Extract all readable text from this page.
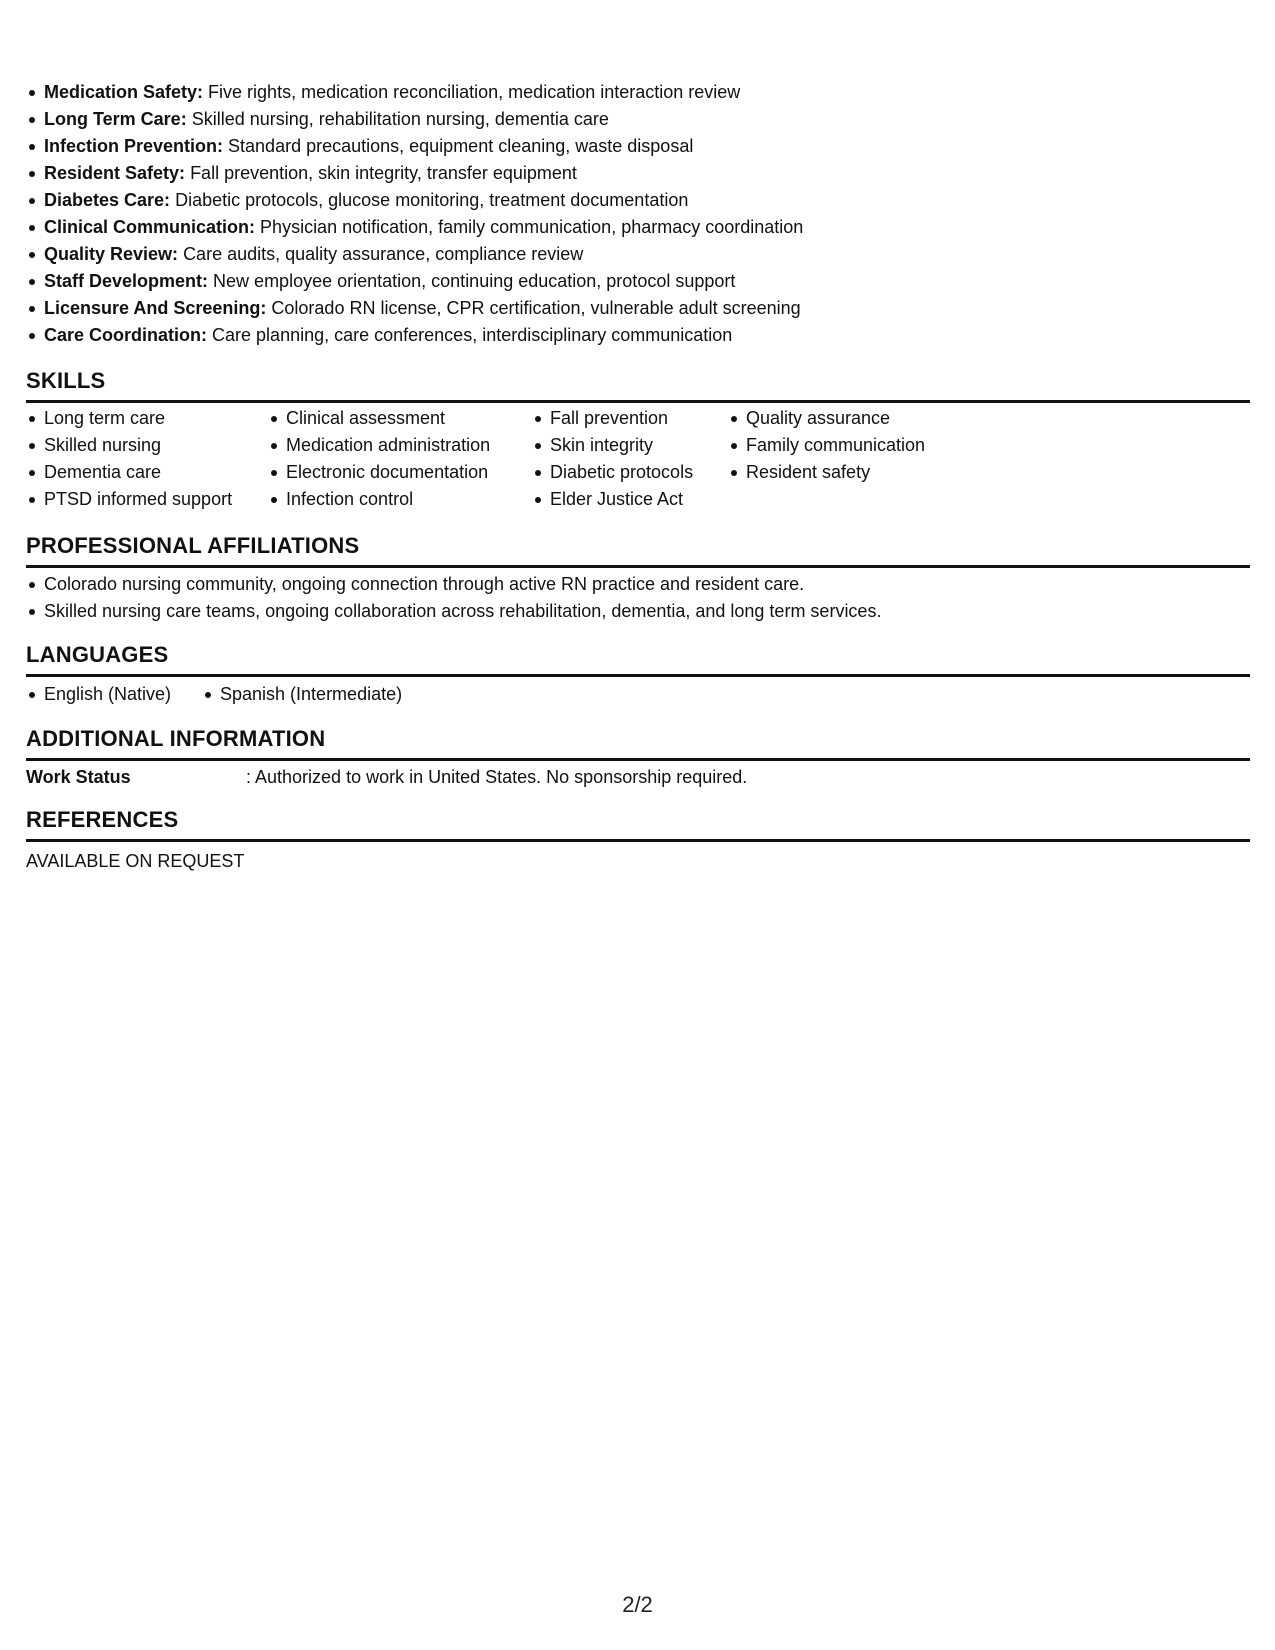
Medication Safety: Five rights, medication reconciliation, medication interaction review
Long Term Care: Skilled nursing, rehabilitation nursing, dementia care
Infection Prevention: Standard precautions, equipment cleaning, waste disposal
Resident Safety: Fall prevention, skin integrity, transfer equipment
Diabetes Care: Diabetic protocols, glucose monitoring, treatment documentation
Clinical Communication: Physician notification, family communication, pharmacy coordination
Quality Review: Care audits, quality assurance, compliance review
Staff Development: New employee orientation, continuing education, protocol support
Licensure And Screening: Colorado RN license, CPR certification, vulnerable adult screening
Care Coordination: Care planning, care conferences, interdisciplinary communication
SKILLS
Long term care
Skilled nursing
Dementia care
PTSD informed support
Clinical assessment
Medication administration
Electronic documentation
Infection control
Fall prevention
Skin integrity
Diabetic protocols
Elder Justice Act
Quality assurance
Family communication
Resident safety
PROFESSIONAL AFFILIATIONS
Colorado nursing community, ongoing connection through active RN practice and resident care.
Skilled nursing care teams, ongoing collaboration across rehabilitation, dementia, and long term services.
LANGUAGES
English (Native)	Spanish (Intermediate)
ADDITIONAL INFORMATION
Work Status	: Authorized to work in United States. No sponsorship required.
REFERENCES
AVAILABLE ON REQUEST
2/2
